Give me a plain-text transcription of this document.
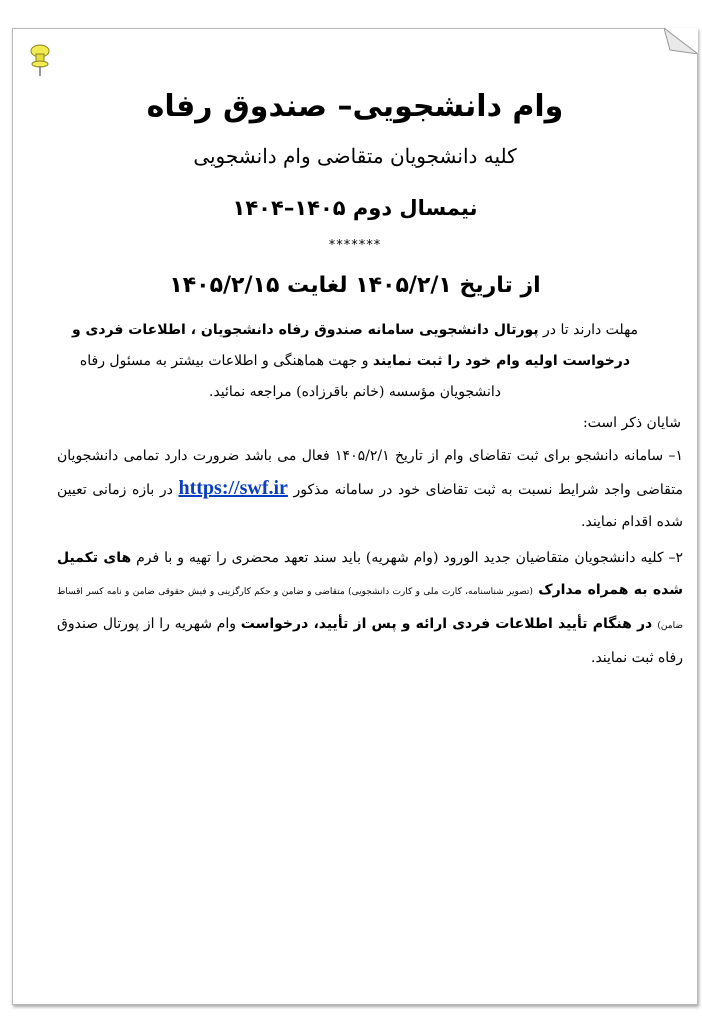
وام دانشجویی– صندوق رفاه
کلیه دانشجویان متقاضی وام دانشجویی
نیمسال دوم ۱۴۰۵–۱۴۰۴
*******
از تاریخ ۱۴۰۵/۲/۱ لغایت ۱۴۰۵/۲/۱۵
مهلت دارند تا در پورتال دانشجویی سامانه صندوق رفاه دانشجویان ، اطلاعات فردی و درخواست اولیه وام خود را ثبت نمایند و جهت هماهنگی و اطلاعات بیشتر به مسئول رفاه دانشجویان مؤسسه (خانم باقرزاده) مراجعه نمائید.
شایان ذکر است:
۱– سامانه دانشجو برای ثبت تقاضای وام از تاریخ ۱۴۰۵/۲/۱ فعال می باشد ضرورت دارد تمامی دانشجویان متقاضی واجد شرایط نسبت به ثبت تقاضای خود در سامانه مذکور https://swf.ir در بازه زمانی تعیین شده اقدام نمایند.
۲– کلیه دانشجویان متقاضیان جدید الورود (وام شهریه) باید سند تعهد محضری را تهیه و با فرم های تکمیل شده به همراه مدارک (تصویر شناسنامه، کارت ملی و کارت دانشجویی) متقاضی و ضامن و حکم کارگزینی و فیش حقوقی ضامن و نامه کسر اقساط ضامن) در هنگام تأیید اطلاعات فردی ارائه و پس از تأیید، درخواست وام شهریه را از پورتال صندوق رفاه ثبت نمایند.
